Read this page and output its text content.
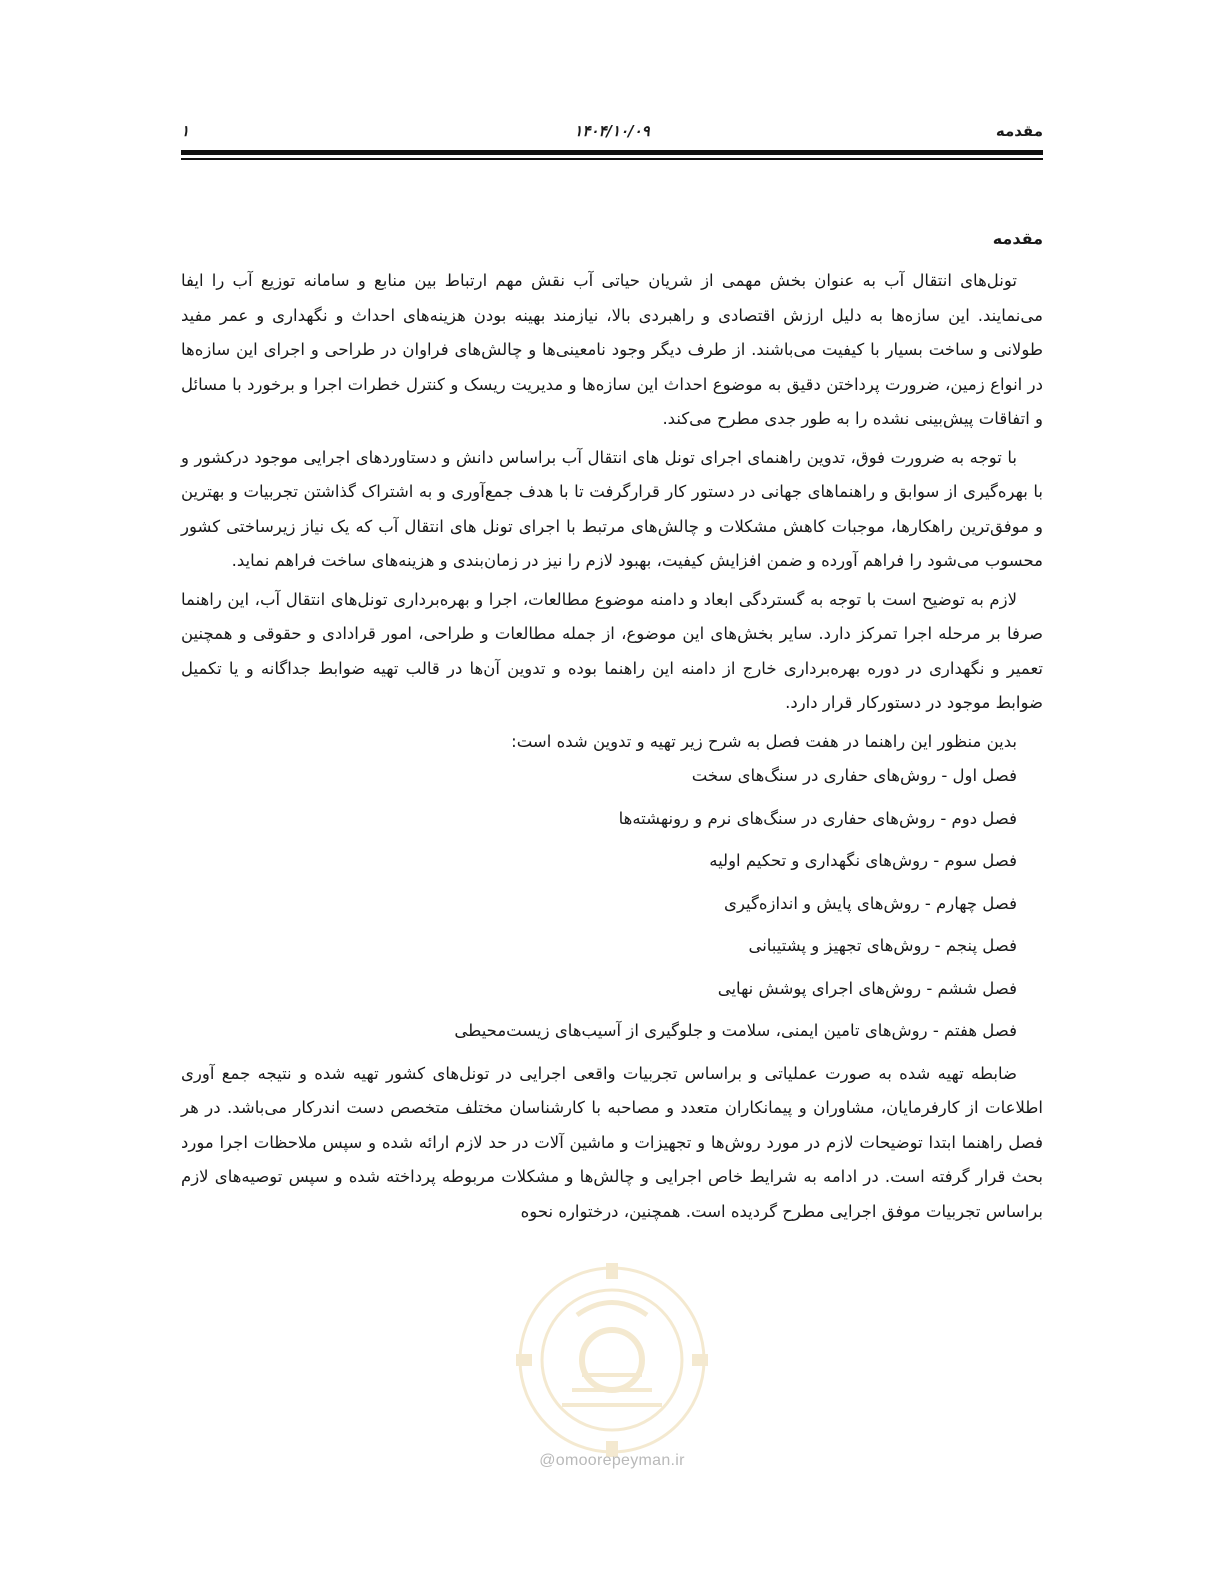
مقدمه
۱۴۰۴/۱۰/۰۹
۱
مقدمه

تونل‌های انتقال آب به عنوان بخش مهمی از شریان حیاتی آب نقش مهم ارتباط بین منابع و سامانه توزیع آب را ایفا می‌نمایند. این سازه‌ها به دلیل ارزش اقتصادی و راهبردی بالا، نیازمند بهینه بودن هزینه‌های احداث و نگهداری و عمر مفید طولانی و ساخت بسیار با کیفیت می‌باشند. از طرف دیگر وجود نامعینی‌ها و چالش‌های فراوان در طراحی و اجرای این سازه‌ها در انواع زمین، ضرورت پرداختن دقیق به موضوع احداث این سازه‌ها و مدیریت ریسک و کنترل خطرات اجرا و برخورد با مسائل و اتفاقات پیش‌بینی نشده را به طور جدی مطرح می‌کند.

با توجه به ضرورت فوق، تدوین راهنمای اجرای تونل های انتقال آب براساس دانش و دستاوردهای اجرایی موجود درکشور و با بهره‌گیری از سوابق و راهنماهای جهانی در دستور کار قرارگرفت تا با هدف جمع‌آوری و به اشتراک گذاشتن تجربیات و بهترین و موفق‌ترین راهکارها، موجبات کاهش مشکلات و چالش‌های مرتبط با اجرای تونل های انتقال آب که یک نیاز زیرساختی کشور محسوب می‌شود را فراهم آورده و ضمن افزایش کیفیت، بهبود لازم را نیز در زمان‌بندی و هزینه‌های ساخت فراهم نماید.

لازم به توضیح است با توجه به گستردگی ابعاد و دامنه موضوع مطالعات، اجرا و بهره‌برداری تونل‌های انتقال آب، این راهنما صرفا بر مرحله اجرا تمرکز دارد. سایر بخش‌های این موضوع، از جمله مطالعات و طراحی، امور قرادادی و حقوقی و همچنین تعمیر و نگهداری در دوره بهره‌برداری خارج از دامنه این راهنما بوده و تدوین آن‌ها در قالب تهیه ضوابط جداگانه و یا تکمیل ضوابط موجود در دستورکار قرار دارد.

بدین منظور این راهنما در هفت فصل به شرح زیر تهیه و تدوین شده است:

فصل اول - روش‌های حفاری در سنگ‌های سخت
فصل دوم - روش‌های حفاری در سنگ‌های نرم و رونهشته‌ها
فصل سوم - روش‌های نگهداری و تحکیم اولیه
فصل چهارم - روش‌های پایش و اندازه‌گیری
فصل پنجم - روش‌های تجهیز و پشتیبانی
فصل ششم - روش‌های اجرای پوشش نهایی
فصل هفتم - روش‌های تامین ایمنی، سلامت و جلوگیری از آسیب‌های زیست‌محیطی

ضابطه تهیه شده به صورت عملیاتی و براساس تجربیات واقعی اجرایی در تونل‌های کشور تهیه شده و نتیجه جمع آوری اطلاعات از کارفرمایان، مشاوران و پیمانکاران متعدد و مصاحبه با کارشناسان مختلف متخصص دست اندرکار می‌باشد. در هر فصل راهنما ابتدا توضیحات لازم در مورد روش‌ها و تجهیزات و ماشین آلات در حد لازم ارائه شده و سپس ملاحظات اجرا مورد بحث قرار گرفته است. در ادامه به شرایط خاص اجرایی و چالش‌ها و مشکلات مربوطه پرداخته شده و سپس توصیه‌های لازم براساس تجربیات موفق اجرایی مطرح گردیده است. همچنین، درختواره نحوه

@omoorepeyman.ir
